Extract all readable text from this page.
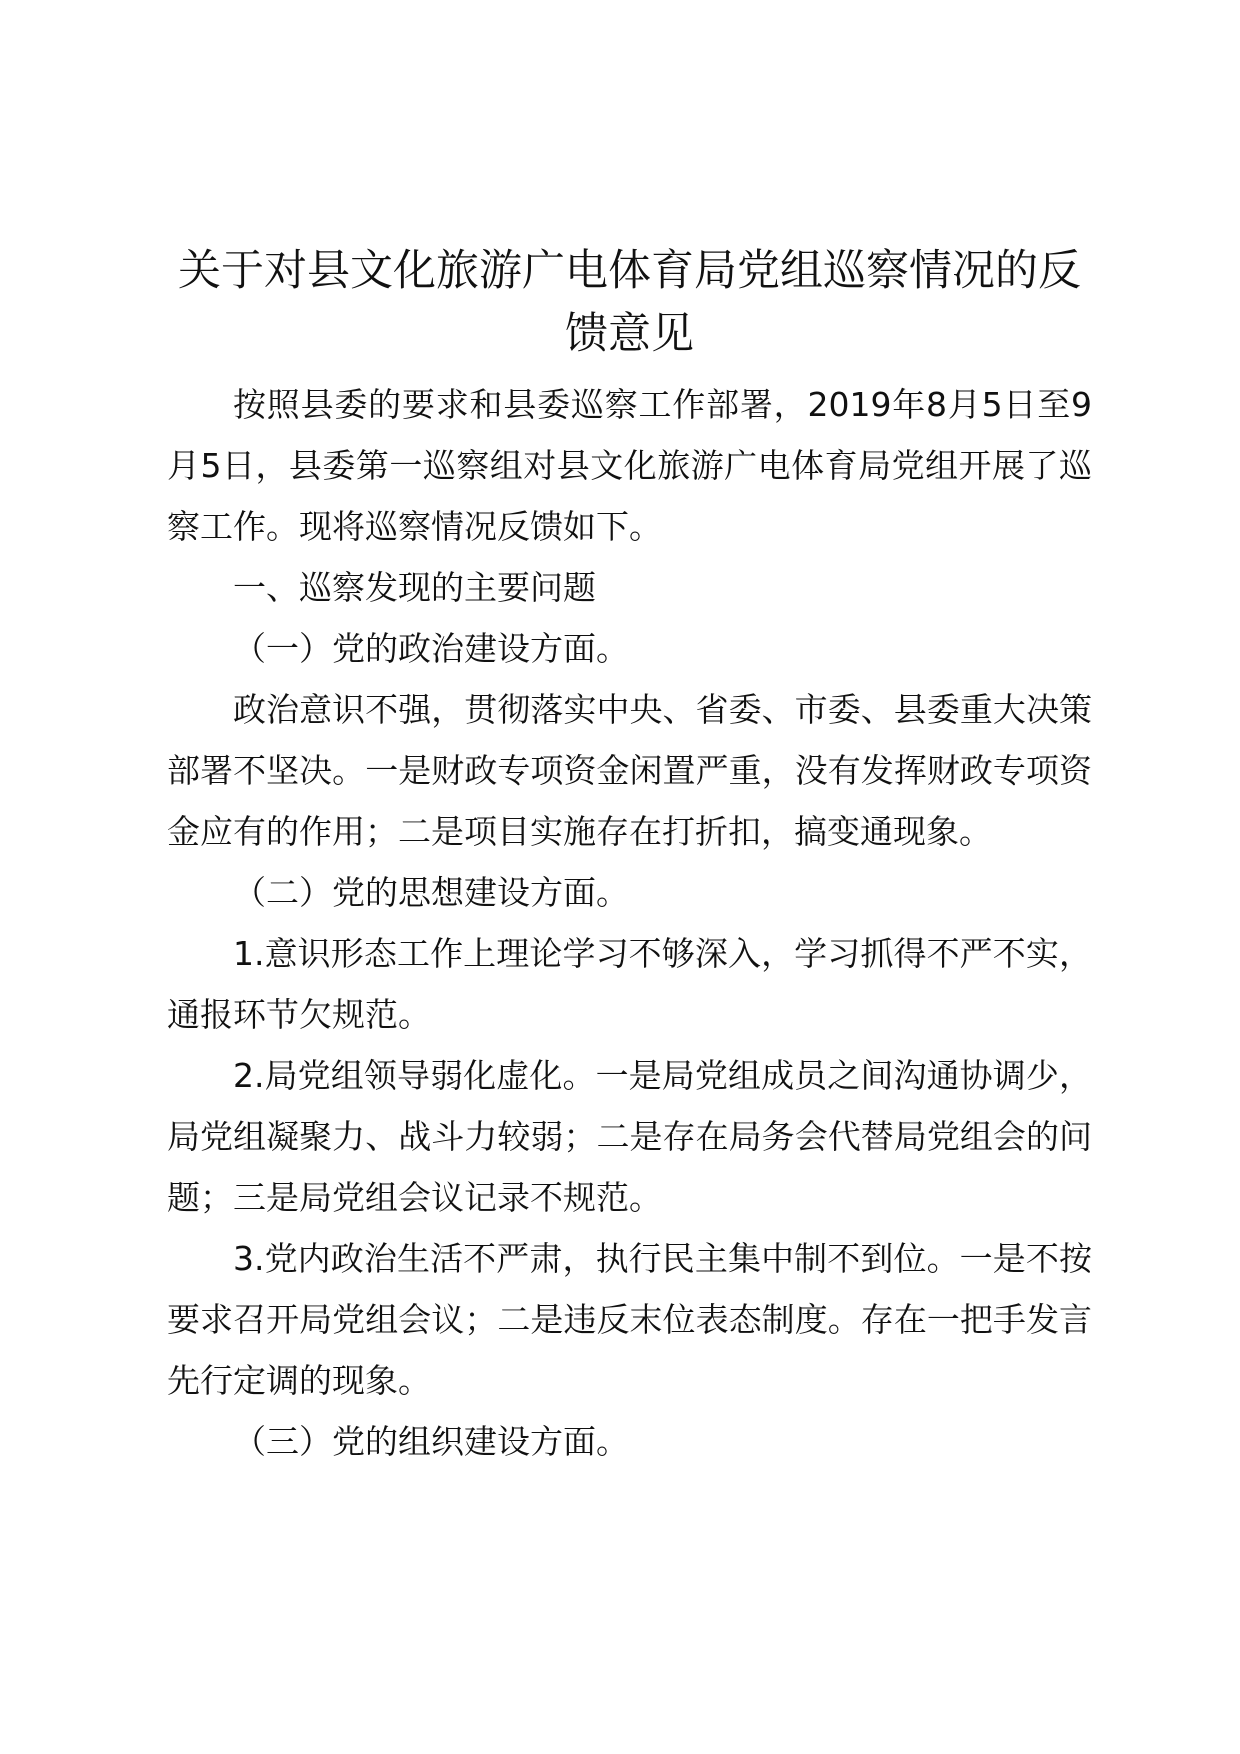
关于对县文化旅游广电体育局党组巡察情况的反
馈意见

按照县委的要求和县委巡察工作部署，2019年8月5日至9月5日，县委第一巡察组对县文化旅游广电体育局党组开展了巡察工作。现将巡察情况反馈如下。

一、巡察发现的主要问题

（一）党的政治建设方面。

政治意识不强，贯彻落实中央、省委、市委、县委重大决策部署不坚决。一是财政专项资金闲置严重，没有发挥财政专项资金应有的作用；二是项目实施存在打折扣，搞变通现象。

（二）党的思想建设方面。

1.意识形态工作上理论学习不够深入，学习抓得不严不实，通报环节欠规范。

2.局党组领导弱化虚化。一是局党组成员之间沟通协调少，局党组凝聚力、战斗力较弱；二是存在局务会代替局党组会的问题；三是局党组会议记录不规范。

3.党内政治生活不严肃，执行民主集中制不到位。一是不按要求召开局党组会议；二是违反末位表态制度。存在一把手发言先行定调的现象。

（三）党的组织建设方面。
